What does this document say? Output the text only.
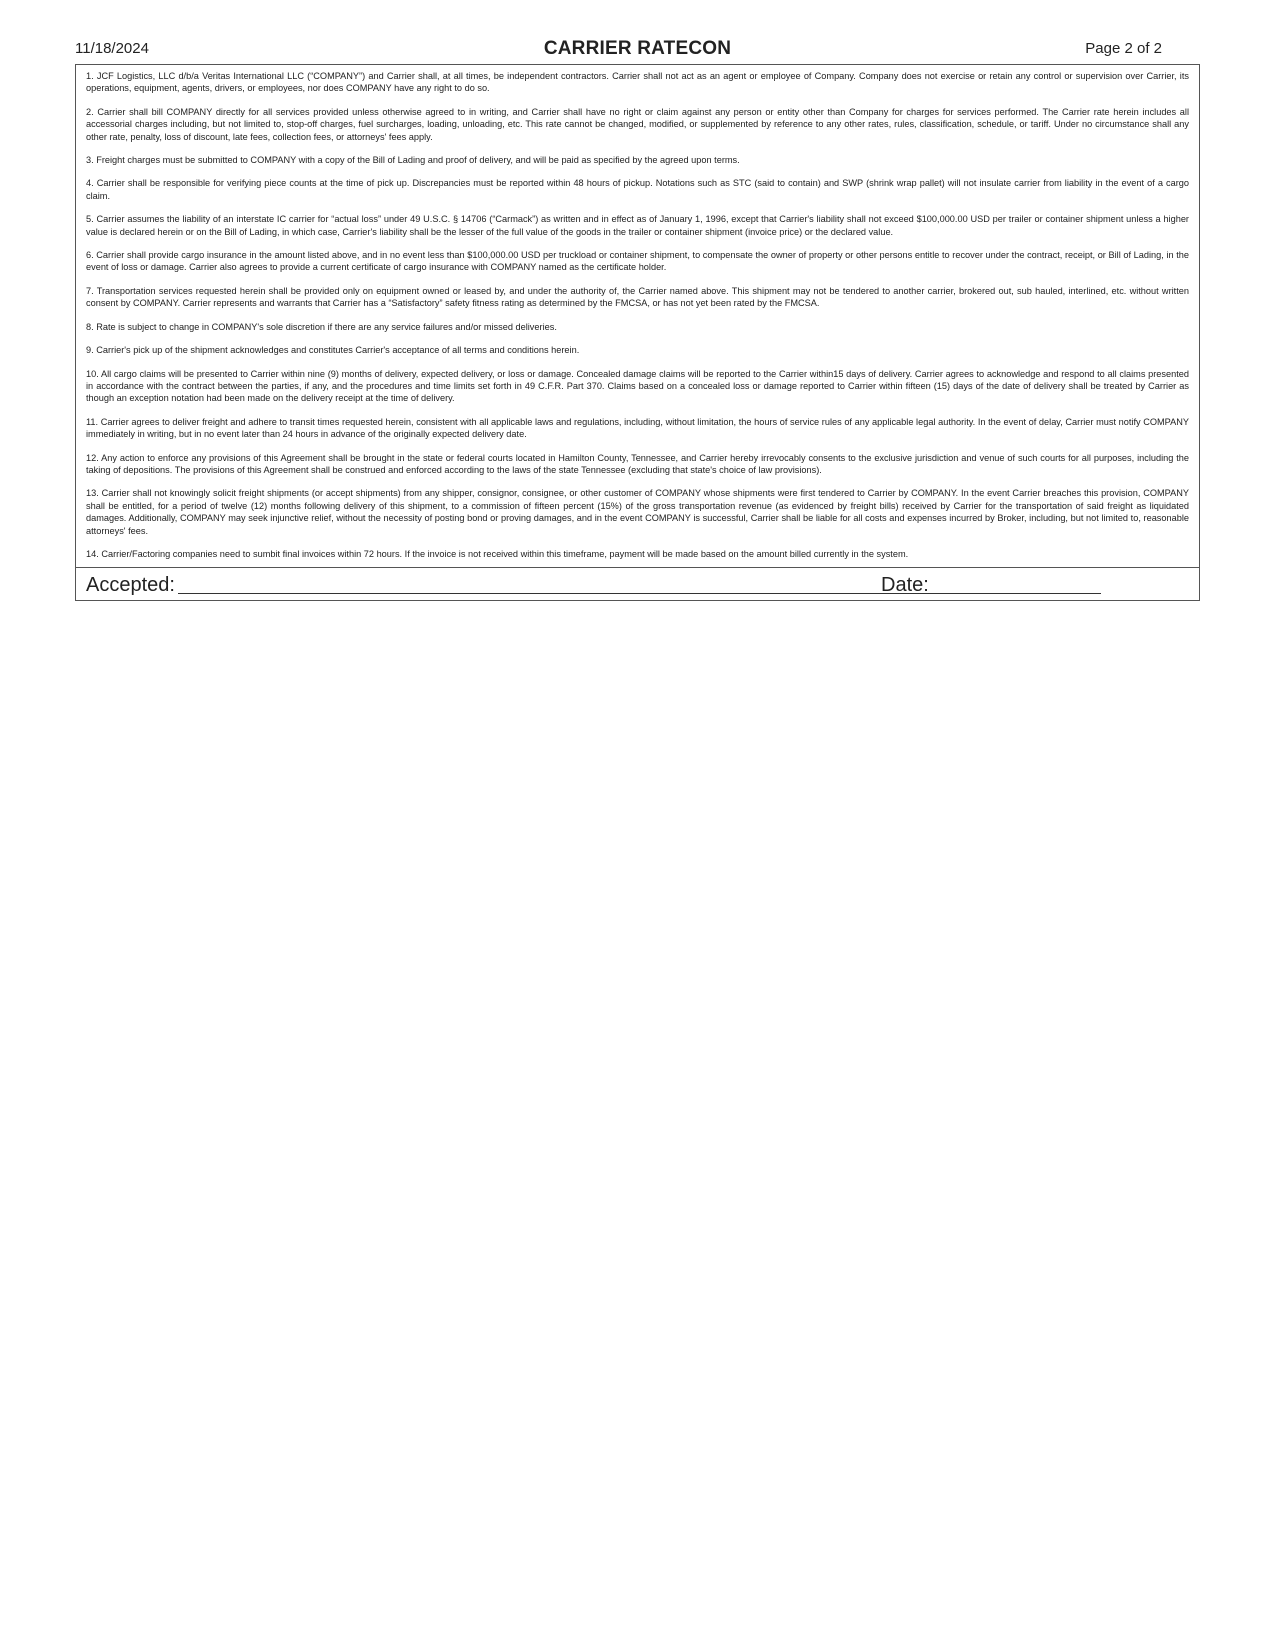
11/18/2024	CARRIER RATECON	Page 2 of 2

1. JCF Logistics, LLC d/b/a Veritas International LLC (“COMPANY”) and Carrier shall, at all times, be independent contractors. Carrier shall not act as an agent or employee of Company. Company does not exercise or retain any control or supervision over Carrier, its operations, equipment, agents, drivers, or employees, nor does COMPANY have any right to do so.

2. Carrier shall bill COMPANY directly for all services provided unless otherwise agreed to in writing, and Carrier shall have no right or claim against any person or entity other than Company for charges for services performed. The Carrier rate herein includes all accessorial charges including, but not limited to, stop-off charges, fuel surcharges, loading, unloading, etc. This rate cannot be changed, modified, or supplemented by reference to any other rates, rules, classification, schedule, or tariff. Under no circumstance shall any other rate, penalty, loss of discount, late fees, collection fees, or attorneys' fees apply.

3. Freight charges must be submitted to COMPANY with a copy of the Bill of Lading and proof of delivery, and will be paid as specified by the agreed upon terms.

4. Carrier shall be responsible for verifying piece counts at the time of pick up. Discrepancies must be reported within 48 hours of pickup. Notations such as STC (said to contain) and SWP (shrink wrap pallet) will not insulate carrier from liability in the event of a cargo claim.

5. Carrier assumes the liability of an interstate IC carrier for “actual loss” under 49 U.S.C. § 14706 (“Carmack”) as written and in effect as of January 1, 1996, except that Carrier's liability shall not exceed $100,000.00 USD per trailer or container shipment unless a higher value is declared herein or on the Bill of Lading, in which case, Carrier's liability shall be the lesser of the full value of the goods in the trailer or container shipment (invoice price) or the declared value.

6. Carrier shall provide cargo insurance in the amount listed above, and in no event less than $100,000.00 USD per truckload or container shipment, to compensate the owner of property or other persons entitle to recover under the contract, receipt, or Bill of Lading, in the event of loss or damage. Carrier also agrees to provide a current certificate of cargo insurance with COMPANY named as the certificate holder.

7. Transportation services requested herein shall be provided only on equipment owned or leased by, and under the authority of, the Carrier named above. This shipment may not be tendered to another carrier, brokered out, sub hauled, interlined, etc. without written consent by COMPANY. Carrier represents and warrants that Carrier has a “Satisfactory” safety fitness rating as determined by the FMCSA, or has not yet been rated by the FMCSA.

8. Rate is subject to change in COMPANY's sole discretion if there are any service failures and/or missed deliveries.

9. Carrier's pick up of the shipment acknowledges and constitutes Carrier's acceptance of all terms and conditions herein.

10. All cargo claims will be presented to Carrier within nine (9) months of delivery, expected delivery, or loss or damage. Concealed damage claims will be reported to the Carrier within15 days of delivery. Carrier agrees to acknowledge and respond to all claims presented in accordance with the contract between the parties, if any, and the procedures and time limits set forth in 49 C.F.R. Part 370. Claims based on a concealed loss or damage reported to Carrier within fifteen (15) days of the date of delivery shall be treated by Carrier as though an exception notation had been made on the delivery receipt at the time of delivery.

11. Carrier agrees to deliver freight and adhere to transit times requested herein, consistent with all applicable laws and regulations, including, without limitation, the hours of service rules of any applicable legal authority. In the event of delay, Carrier must notify COMPANY immediately in writing, but in no event later than 24 hours in advance of the originally expected delivery date.

12. Any action to enforce any provisions of this Agreement shall be brought in the state or federal courts located in Hamilton County, Tennessee, and Carrier hereby irrevocably consents to the exclusive jurisdiction and venue of such courts for all purposes, including the taking of depositions. The provisions of this Agreement shall be construed and enforced according to the laws of the state Tennessee (excluding that state's choice of law provisions).

13. Carrier shall not knowingly solicit freight shipments (or accept shipments) from any shipper, consignor, consignee, or other customer of COMPANY whose shipments were first tendered to Carrier by COMPANY. In the event Carrier breaches this provision, COMPANY shall be entitled, for a period of twelve (12) months following delivery of this shipment, to a commission of fifteen percent (15%) of the gross transportation revenue (as evidenced by freight bills) received by Carrier for the transportation of said freight as liquidated damages. Additionally, COMPANY may seek injunctive relief, without the necessity of posting bond or proving damages, and in the event COMPANY is successful, Carrier shall be liable for all costs and expenses incurred by Broker, including, but not limited to, reasonable attorneys' fees.

14. Carrier/Factoring companies need to sumbit final invoices within 72 hours. If the invoice is not received within this timeframe, payment will be made based on the amount billed currently in the system.

Accepted:	Date:
